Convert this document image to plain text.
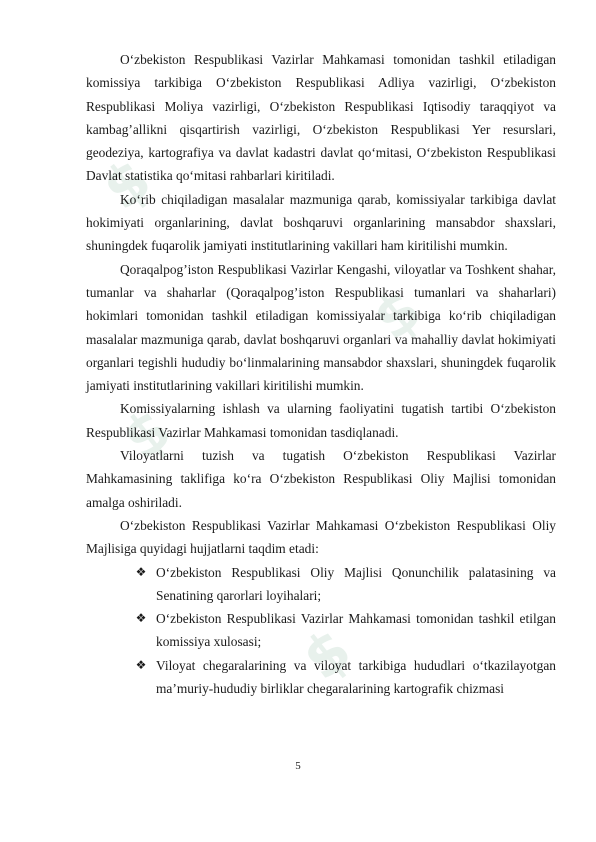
$
$
$
$

O‘zbekiston Respublikasi Vazirlar Mahkamasi tomonidan tashkil etiladigan komissiya tarkibiga O‘zbekiston Respublikasi Adliya vazirligi, O‘zbekiston Respublikasi Moliya vazirligi, O‘zbekiston Respublikasi Iqtisodiy taraqqiyot va kambag’allikni qisqartirish vazirligi, O‘zbekiston Respublikasi Yer resurslari, geodeziya, kartografiya va davlat kadastri davlat qo‘mitasi, O‘zbekiston Respublikasi Davlat statistika qo‘mitasi rahbarlari kiritiladi.

Ko‘rib chiqiladigan masalalar mazmuniga qarab, komissiyalar tarkibiga davlat hokimiyati organlarining, davlat boshqaruvi organlarining mansabdor shaxslari, shuningdek fuqarolik jamiyati institutlarining vakillari ham kiritilishi mumkin.

Qoraqalpog’iston Respublikasi Vazirlar Kengashi, viloyatlar va Toshkent shahar, tumanlar va shaharlar (Qoraqalpog’iston Respublikasi tumanlari va shaharlari) hokimlari tomonidan tashkil etiladigan komissiyalar tarkibiga ko‘rib chiqiladigan masalalar mazmuniga qarab, davlat boshqaruvi organlari va mahalliy davlat hokimiyati organlari tegishli hududiy bo‘linmalarining mansabdor shaxslari, shuningdek fuqarolik jamiyati institutlarining vakillari kiritilishi mumkin.

Komissiyalarning ishlash va ularning faoliyatini tugatish tartibi O‘zbekiston Respublikasi Vazirlar Mahkamasi tomonidan tasdiqlanadi.

Viloyatlarni tuzish va tugatish O‘zbekiston Respublikasi Vazirlar Mahkamasining taklifiga ko‘ra O‘zbekiston Respublikasi Oliy Majlisi tomonidan amalga oshiriladi.

O‘zbekiston Respublikasi Vazirlar Mahkamasi O‘zbekiston Respublikasi Oliy Majlisiga quyidagi hujjatlarni taqdim etadi:

❖ O‘zbekiston Respublikasi Oliy Majlisi Qonunchilik palatasining va Senatining qarorlari loyihalari;
❖ O‘zbekiston Respublikasi Vazirlar Mahkamasi tomonidan tashkil etilgan komissiya xulosasi;
❖ Viloyat chegaralarining va viloyat tarkibiga hududlari o‘tkazilayotgan ma’muriy-hududiy birliklar chegaralarining kartografik chizmasi
5
